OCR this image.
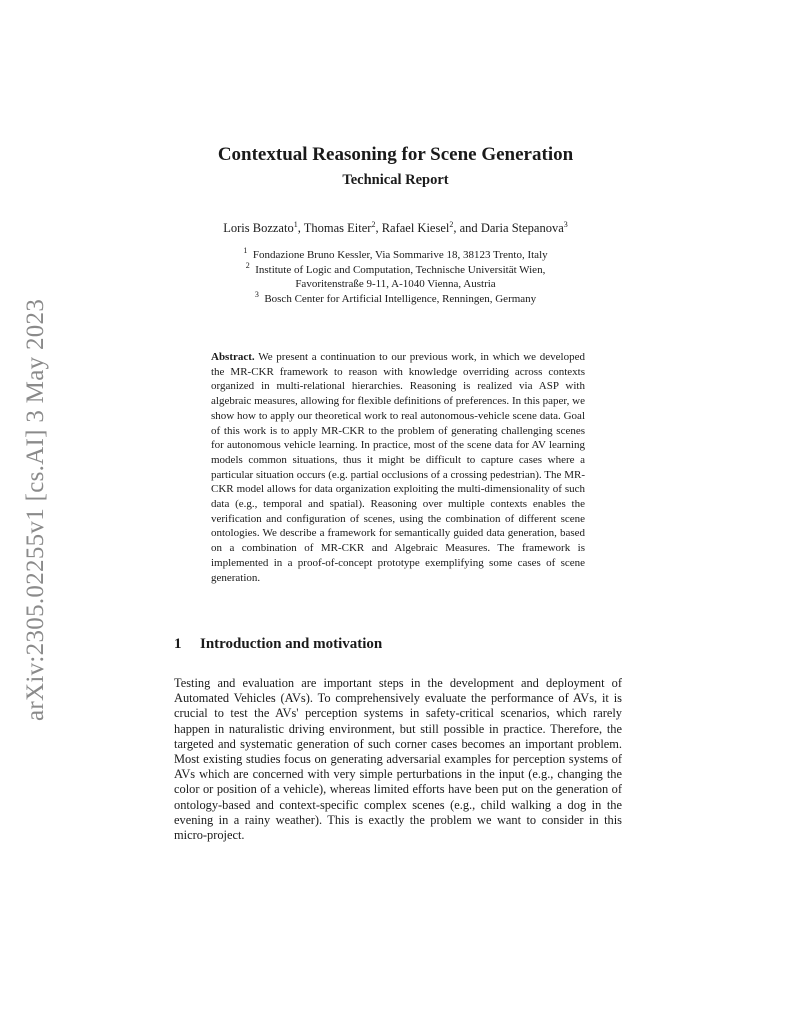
arXiv:2305.02255v1 [cs.AI] 3 May 2023
Contextual Reasoning for Scene Generation
Technical Report
Loris Bozzato$^1$, Thomas Eiter$^2$, Rafael Kiesel$^2$, and Daria Stepanova$^3$
$^1$ Fondazione Bruno Kessler, Via Sommarive 18, 38123 Trento, Italy
$^2$ Institute of Logic and Computation, Technische Universität Wien,
Favoritenstraße 9-11, A-1040 Vienna, Austria
$^3$ Bosch Center for Artificial Intelligence, Renningen, Germany
Abstract. We present a continuation to our previous work, in which we developed the MR-CKR framework to reason with knowledge overriding across contexts organized in multi-relational hierarchies. Reasoning is realized via ASP with algebraic measures, allowing for flexible definitions of preferences. In this paper, we show how to apply our theoretical work to real autonomous-vehicle scene data. Goal of this work is to apply MR-CKR to the problem of generating challenging scenes for autonomous vehicle learning. In practice, most of the scene data for AV learning models common situations, thus it might be difficult to capture cases where a particular situation occurs (e.g. partial occlusions of a crossing pedestrian). The MR-CKR model allows for data organization exploiting the multi-dimensionality of such data (e.g., temporal and spatial). Reasoning over multiple contexts enables the verification and configuration of scenes, using the combination of different scene ontologies. We describe a framework for semantically guided data generation, based on a combination of MR-CKR and Algebraic Measures. The framework is implemented in a proof-of-concept prototype exemplifying some cases of scene generation.
1 Introduction and motivation
Testing and evaluation are important steps in the development and deployment of Automated Vehicles (AVs). To comprehensively evaluate the performance of AVs, it is crucial to test the AVs' perception systems in safety-critical scenarios, which rarely happen in naturalistic driving environment, but still possible in practice. Therefore, the targeted and systematic generation of such corner cases becomes an important problem. Most existing studies focus on generating adversarial examples for perception systems of AVs which are concerned with very simple perturbations in the input (e.g., changing the color or position of a vehicle), whereas limited efforts have been put on the generation of ontology-based and context-specific complex scenes (e.g., child walking a dog in the evening in a rainy weather). This is exactly the problem we want to consider in this micro-project.
